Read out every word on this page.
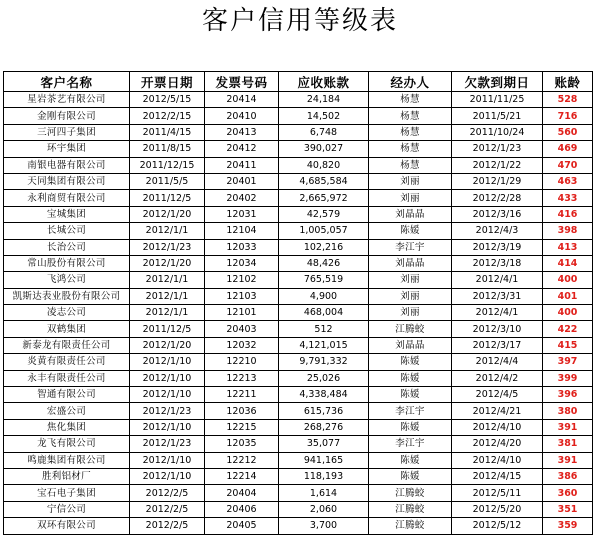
客户信用等级表
客户名称	开票日期	发票号码	应收账款	经办人	欠款到期日	账龄
星岩茶艺有限公司	2012/5/15	20414	24,184	杨慧	2011/11/25	528
金刚有限公司	2012/2/15	20410	14,502	杨慧	2011/5/21	716
三河四子集团	2011/4/15	20413	6,748	杨慧	2011/10/24	560
环宇集团	2011/8/15	20412	390,027	杨慧	2012/1/23	469
南银电器有限公司	2011/12/15	20411	40,820	杨慧	2012/1/22	470
天同集团有限公司	2011/5/5	20401	4,685,584	刘丽	2012/1/29	463
永利商贸有限公司	2011/12/5	20402	2,665,972	刘丽	2012/2/28	433
宝城集团	2012/1/20	12031	42,579	刘晶晶	2012/3/16	416
长城公司	2012/1/1	12104	1,005,057	陈媛	2012/4/3	398
长治公司	2012/1/23	12033	102,216	李江宇	2012/3/19	413
常山股份有限公司	2012/1/20	12034	48,426	刘晶晶	2012/3/18	414
飞鸿公司	2012/1/1	12102	765,519	刘丽	2012/4/1	400
凯斯达表业股份有限公司	2012/1/1	12103	4,900	刘丽	2012/3/31	401
凌志公司	2012/1/1	12101	468,004	刘丽	2012/4/1	400
双鹤集团	2011/12/5	20403	512	江腾蛟	2012/3/10	422
新泰龙有限责任公司	2012/1/20	12032	4,121,015	刘晶晶	2012/3/17	415
炎黄有限责任公司	2012/1/10	12210	9,791,332	陈媛	2012/4/4	397
永丰有限责任公司	2012/1/10	12213	25,026	陈媛	2012/4/2	399
智通有限公司	2012/1/10	12211	4,338,484	陈媛	2012/4/5	396
宏盛公司	2012/1/23	12036	615,736	李江宇	2012/4/21	380
焦化集团	2012/1/10	12215	268,276	陈媛	2012/4/10	391
龙飞有限公司	2012/1/23	12035	35,077	李江宇	2012/4/20	381
鸣鹿集团有限公司	2012/1/10	12212	941,165	陈媛	2012/4/10	391
胜利铝材厂	2012/1/10	12214	118,193	陈媛	2012/4/15	386
宝石电子集团	2012/2/5	20404	1,614	江腾蛟	2012/5/11	360
宁信公司	2012/2/5	20406	2,060	江腾蛟	2012/5/20	351
双环有限公司	2012/2/5	20405	3,700	江腾蛟	2012/5/12	359
